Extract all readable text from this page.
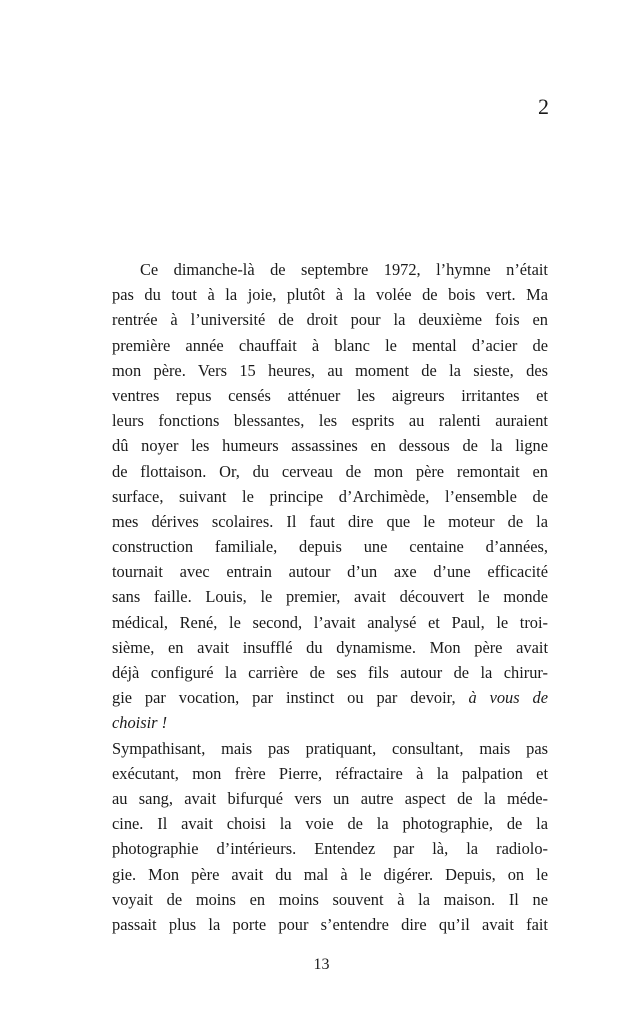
2
Ce dimanche-là de septembre 1972, l’hymne n’était
pas du tout à la joie, plutôt à la volée de bois vert. Ma
rentrée à l’université de droit pour la deuxième fois en
première année chauffait à blanc le mental d’acier de
mon père. Vers 15 heures, au moment de la sieste, des
ventres repus censés atténuer les aigreurs irritantes et
leurs fonctions blessantes, les esprits au ralenti auraient
dû noyer les humeurs assassines en dessous de la ligne
de flottaison. Or, du cerveau de mon père remontait en
surface, suivant le principe d’Archimède, l’ensemble de
mes dérives scolaires. Il faut dire que le moteur de la
construction familiale, depuis une centaine d’années,
tournait avec entrain autour d’un axe d’une efficacité
sans faille. Louis, le premier, avait découvert le monde
médical, René, le second, l’avait analysé et Paul, le troi-
sième, en avait insufflé du dynamisme. Mon père avait
déjà configuré la carrière de ses fils autour de la chirur-
gie par vocation, par instinct ou par devoir, à vous de
choisir !
Sympathisant, mais pas pratiquant, consultant, mais pas
exécutant, mon frère Pierre, réfractaire à la palpation et
au sang, avait bifurqué vers un autre aspect de la méde-
cine. Il avait choisi la voie de la photographie, de la
photographie d’intérieurs. Entendez par là, la radiolo-
gie. Mon père avait du mal à le digérer. Depuis, on le
voyait de moins en moins souvent à la maison. Il ne
passait plus la porte pour s’entendre dire qu’il avait fait
13
